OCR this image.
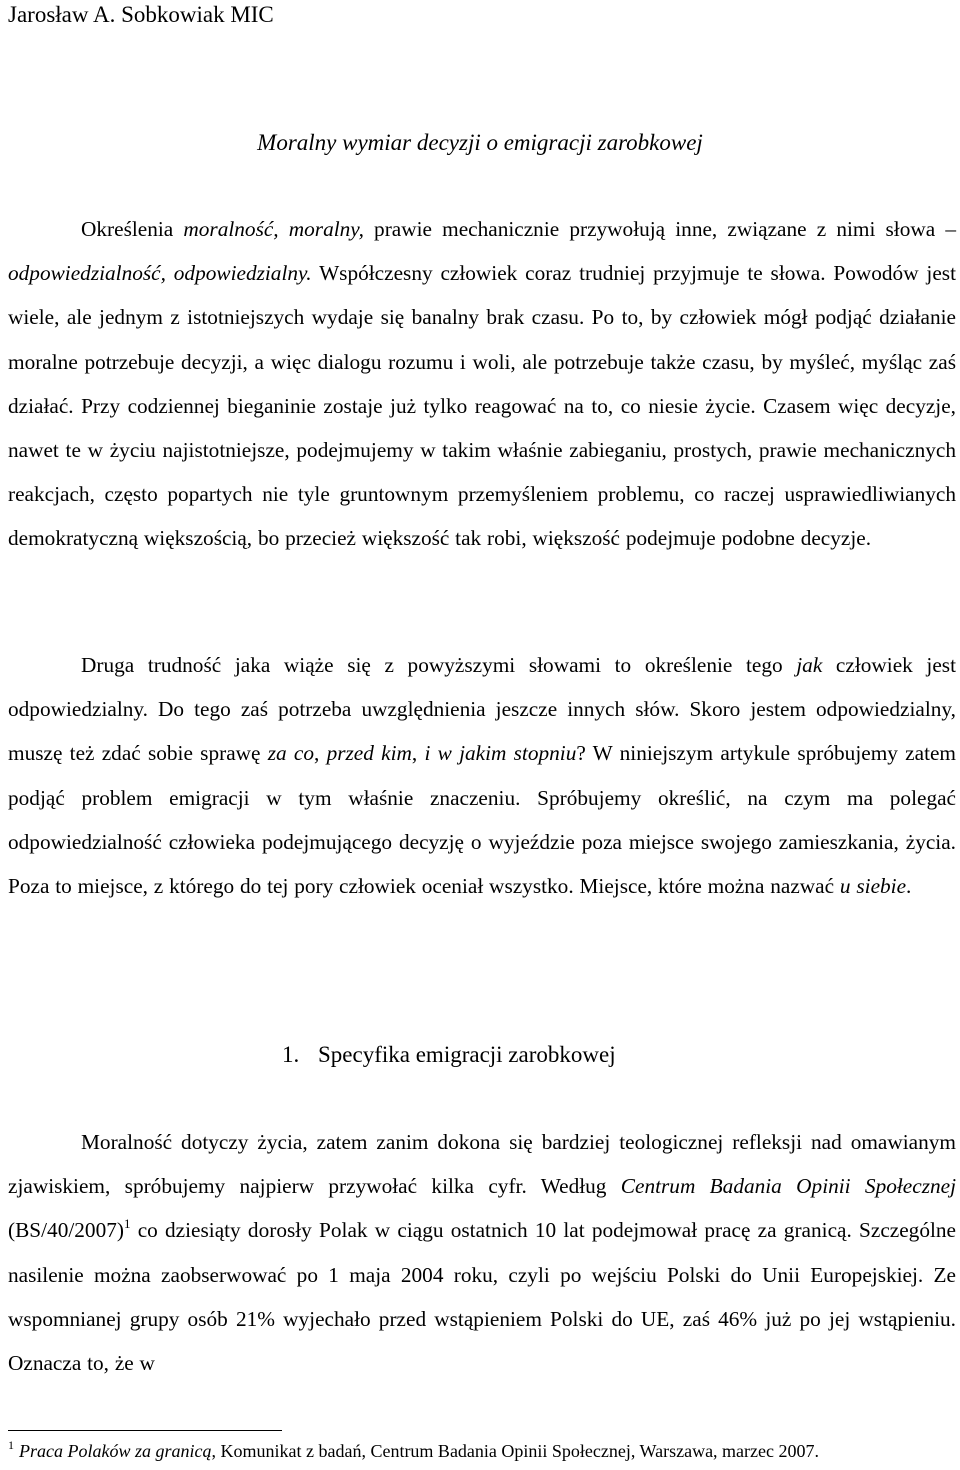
Jarosław A. Sobkowiak MIC
Moralny wymiar decyzji o emigracji zarobkowej

Określenia moralność, moralny, prawie mechanicznie przywołują inne, związane z nimi słowa – odpowiedzialność, odpowiedzialny. Współczesny człowiek coraz trudniej przyjmuje te słowa. Powodów jest wiele, ale jednym z istotniejszych wydaje się banalny brak czasu. Po to, by człowiek mógł podjąć działanie moralne potrzebuje decyzji, a więc dialogu rozumu i woli, ale potrzebuje także czasu, by myśleć, myśląc zaś działać. Przy codziennej bieganinie zostaje już tylko reagować na to, co niesie życie. Czasem więc decyzje, nawet te w życiu najistotniejsze, podejmujemy w takim właśnie zabieganiu, prostych, prawie mechanicznych reakcjach, często popartych nie tyle gruntownym przemyśleniem problemu, co raczej usprawiedliwianych demokratyczną większością, bo przecież większość tak robi, większość podejmuje podobne decyzje.

Druga trudność jaka wiąże się z powyższymi słowami to określenie tego jak człowiek jest odpowiedzialny. Do tego zaś potrzeba uwzględnienia jeszcze innych słów. Skoro jestem odpowiedzialny, muszę też zdać sobie sprawę za co, przed kim, i w jakim stopniu? W niniejszym artykule spróbujemy zatem podjąć problem emigracji w tym właśnie znaczeniu. Spróbujemy określić, na czym ma polegać odpowiedzialność człowieka podejmującego decyzję o wyjeździe poza miejsce swojego zamieszkania, życia. Poza to miejsce, z którego do tej pory człowiek oceniał wszystko. Miejsce, które można nazwać u siebie.

1. Specyfika emigracji zarobkowej

Moralność dotyczy życia, zatem zanim dokona się bardziej teologicznej refleksji nad omawianym zjawiskiem, spróbujemy najpierw przywołać kilka cyfr. Według Centrum Badania Opinii Społecznej $(BS/40/2007)^1$ co dziesiąty dorosły Polak w ciągu ostatnich 10 lat podejmował pracę za granicą. Szczególne nasilenie można zaobserwować po 1 maja 2004 roku, czyli po wejściu Polski do Unii Europejskiej. Ze wspomnianej grupy osób 21% wyjechało przed wstąpieniem Polski do UE, zaś 46% już po jej wstąpieniu. Oznacza to, że w

$^1$ Praca Polaków za granicą, Komunikat z badań, Centrum Badania Opinii Społecznej, Warszawa, marzec 2007.
